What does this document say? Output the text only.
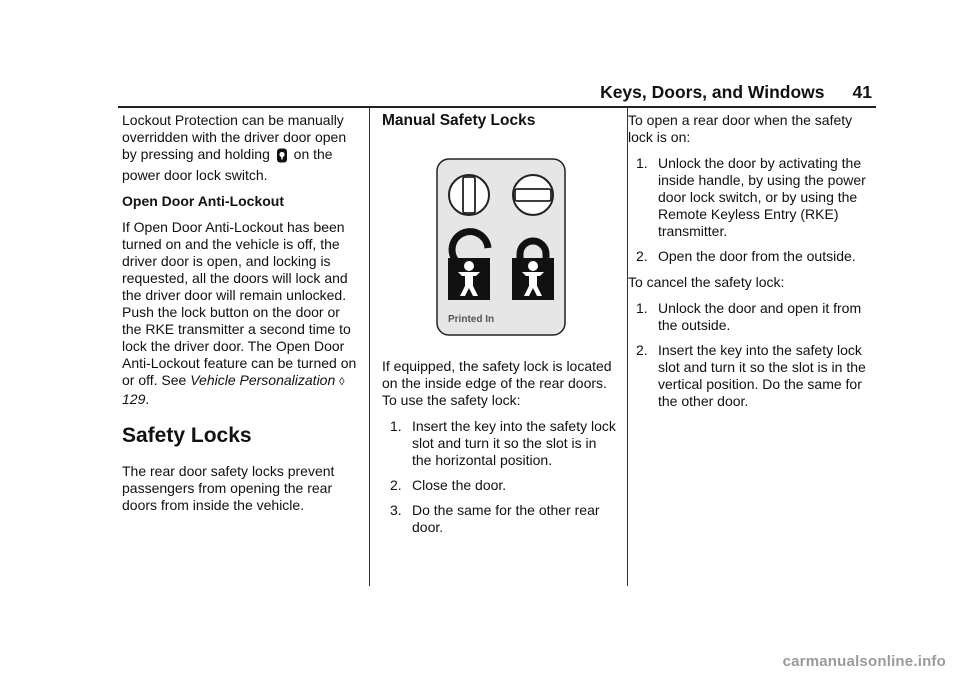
Keys, Doors, and Windows 41

Lockout Protection can be manually overridden with the driver door open by pressing and holding on the power door lock switch.

Open Door Anti-Lockout

If Open Door Anti-Lockout has been turned on and the vehicle is off, the driver door is open, and locking is requested, all the doors will lock and the driver door will remain unlocked. Push the lock button on the door or the RKE transmitter a second time to lock the driver door. The Open Door Anti-Lockout feature can be turned on or off. See Vehicle Personalization ◊ 129.

Safety Locks

The rear door safety locks prevent passengers from opening the rear doors from inside the vehicle.

Manual Safety Locks
Printed In

If equipped, the safety lock is located on the inside edge of the rear doors. To use the safety lock:

1. Insert the key into the safety lock slot and turn it so the slot is in the horizontal position.
2. Close the door.
3. Do the same for the other rear door.

To open a rear door when the safety lock is on:

1. Unlock the door by activating the inside handle, by using the power door lock switch, or by using the Remote Keyless Entry (RKE) transmitter.
2. Open the door from the outside.

To cancel the safety lock:

1. Unlock the door and open it from the outside.
2. Insert the key into the safety lock slot and turn it so the slot is in the vertical position. Do the same for the other door.
carmanualsonline.info
